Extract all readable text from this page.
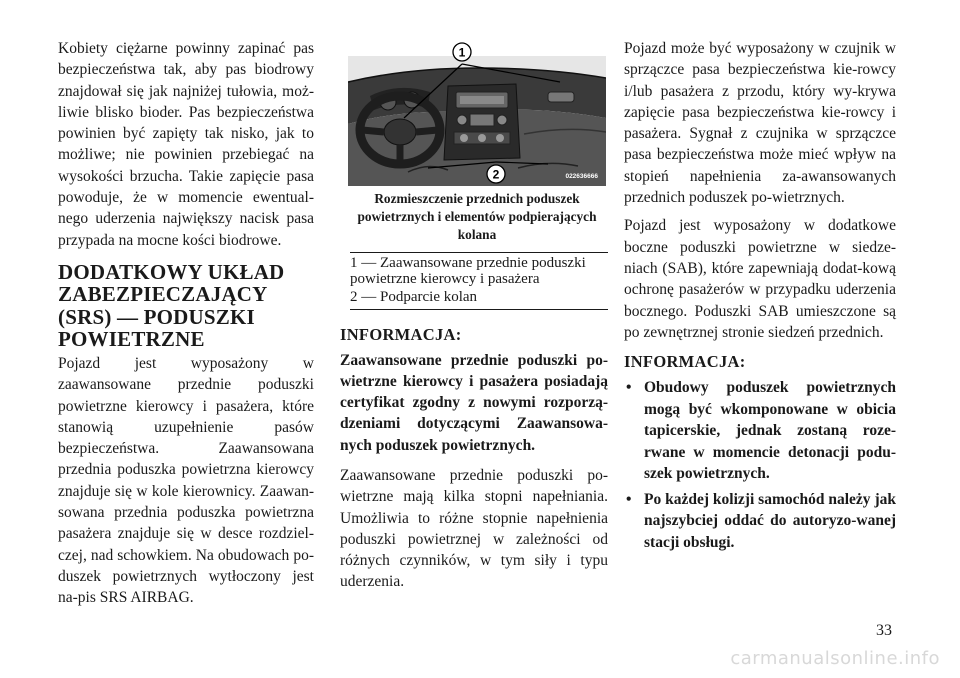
Kobiety ciężarne powinny zapinać pas bezpieczeństwa tak, aby pas biodrowy znajdował się jak najniżej tułowia, moż-liwie blisko bioder. Pas bezpieczeństwa powinien być zapięty tak nisko, jak to możliwe; nie powinien przebiegać na wysokości brzucha. Takie zapięcie pasa powoduje, że w momencie ewentual-nego uderzenia największy nacisk pasa przypada na mocne kości biodrowe.

DODATKOWY UKŁAD ZABEZPIECZAJĄCY (SRS) — PODUSZKI POWIETRZNE

Pojazd jest wyposażony w zaawansowane przednie poduszki powietrzne kierowcy i pasażera, które stanowią uzupełnienie pasów bezpieczeństwa. Zaawansowana przednia poduszka powietrzna kierowcy znajduje się w kole kierownicy. Zaawan-sowana przednia poduszka powietrzna pasażera znajduje się w desce rozdziel-czej, nad schowkiem. Na obudowach po-duszek powietrznych wytłoczony jest na-pis SRS AIRBAG.

1
2	022636666
Rozmieszczenie przednich poduszek powietrznych i elementów podpierających kolana
1 — Zaawansowane przednie poduszki powietrzne kierowcy i pasażera
2 — Podparcie kolan
INFORMACJA:

Zaawansowane przednie poduszki po-wietrzne kierowcy i pasażera posiadają certyfikat zgodny z nowymi rozporzą-dzeniami dotyczącymi Zaawansowa-nych poduszek powietrznych.

Zaawansowane przednie poduszki po-wietrzne mają kilka stopni napełniania. Umożliwia to różne stopnie napełnienia poduszki powietrznej w zależności od różnych czynników, w tym siły i typu uderzenia.

Pojazd może być wyposażony w czujnik w sprzączce pasa bezpieczeństwa kie-rowcy i/lub pasażera z przodu, który wy-krywa zapięcie pasa bezpieczeństwa kie-rowcy i pasażera. Sygnał z czujnika w sprzączce pasa bezpieczeństwa może mieć wpływ na stopień napełnienia za-awansowanych przednich poduszek po-wietrznych.

Pojazd jest wyposażony w dodatkowe boczne poduszki powietrzne w siedze-niach (SAB), które zapewniają dodat-kową ochronę pasażerów w przypadku uderzenia bocznego. Poduszki SAB umieszczone są po zewnętrznej stronie siedzeń przednich.

INFORMACJA:
• Obudowy poduszek powietrznych mogą być wkomponowane w obicia tapicerskie, jednak zostaną roze-rwane w momencie detonacji podu-szek powietrznych.
• Po każdej kolizji samochód należy jak najszybciej oddać do autoryzo-wanej stacji obsługi.
33
carmanualsonline.info
